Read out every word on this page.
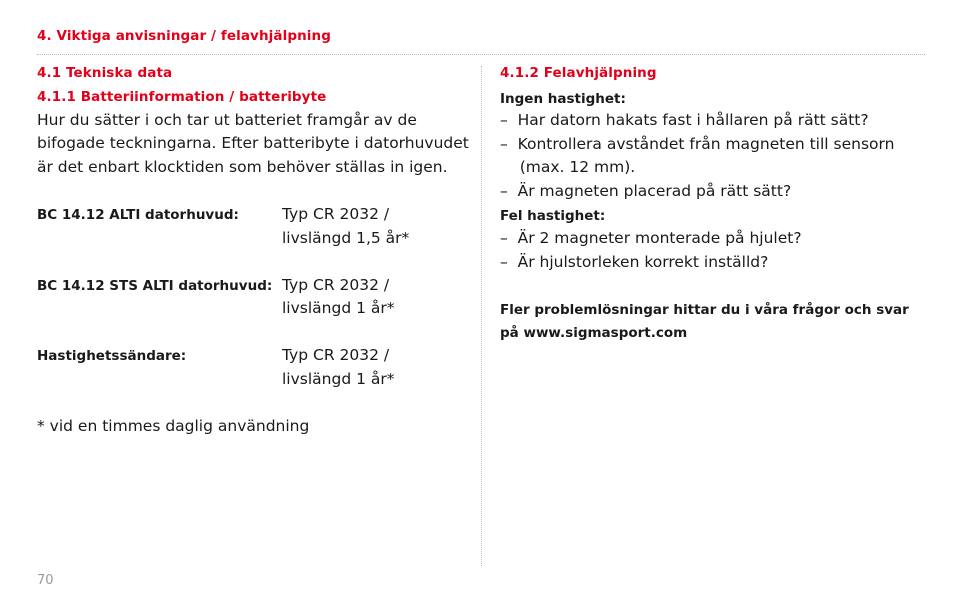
4. Viktiga anvisningar / felavhjälpning
4.1 Tekniska data
4.1.1 Batteriinformation / batteribyte
Hur du sätter i och tar ut batteriet framgår av de
bifogade teckningarna. Efter batteribyte i datorhuvudet
är det enbart klocktiden som behöver ställas in igen.
BC 14.12 ALTI datorhuvud:	Typ CR 2032 /
livslängd 1,5 år*
BC 14.12 STS ALTI datorhuvud: Typ CR 2032 /
livslängd 1 år*
Hastighetssändare:	Typ CR 2032 /
livslängd 1 år*
* vid en timmes daglig användning
4.1.2 Felavhjälpning
Ingen hastighet:
–  Har datorn hakats fast i hållaren på rätt sätt?
–  Kontrollera avståndet från magneten till sensorn
(max. 12 mm).
–  Är magneten placerad på rätt sätt?
Fel hastighet:
–  Är 2 magneter monterade på hjulet?
–  Är hjulstorleken korrekt inställd?
Fler problemlösningar hittar du i våra frågor och svar
på www.sigmasport.com
70
